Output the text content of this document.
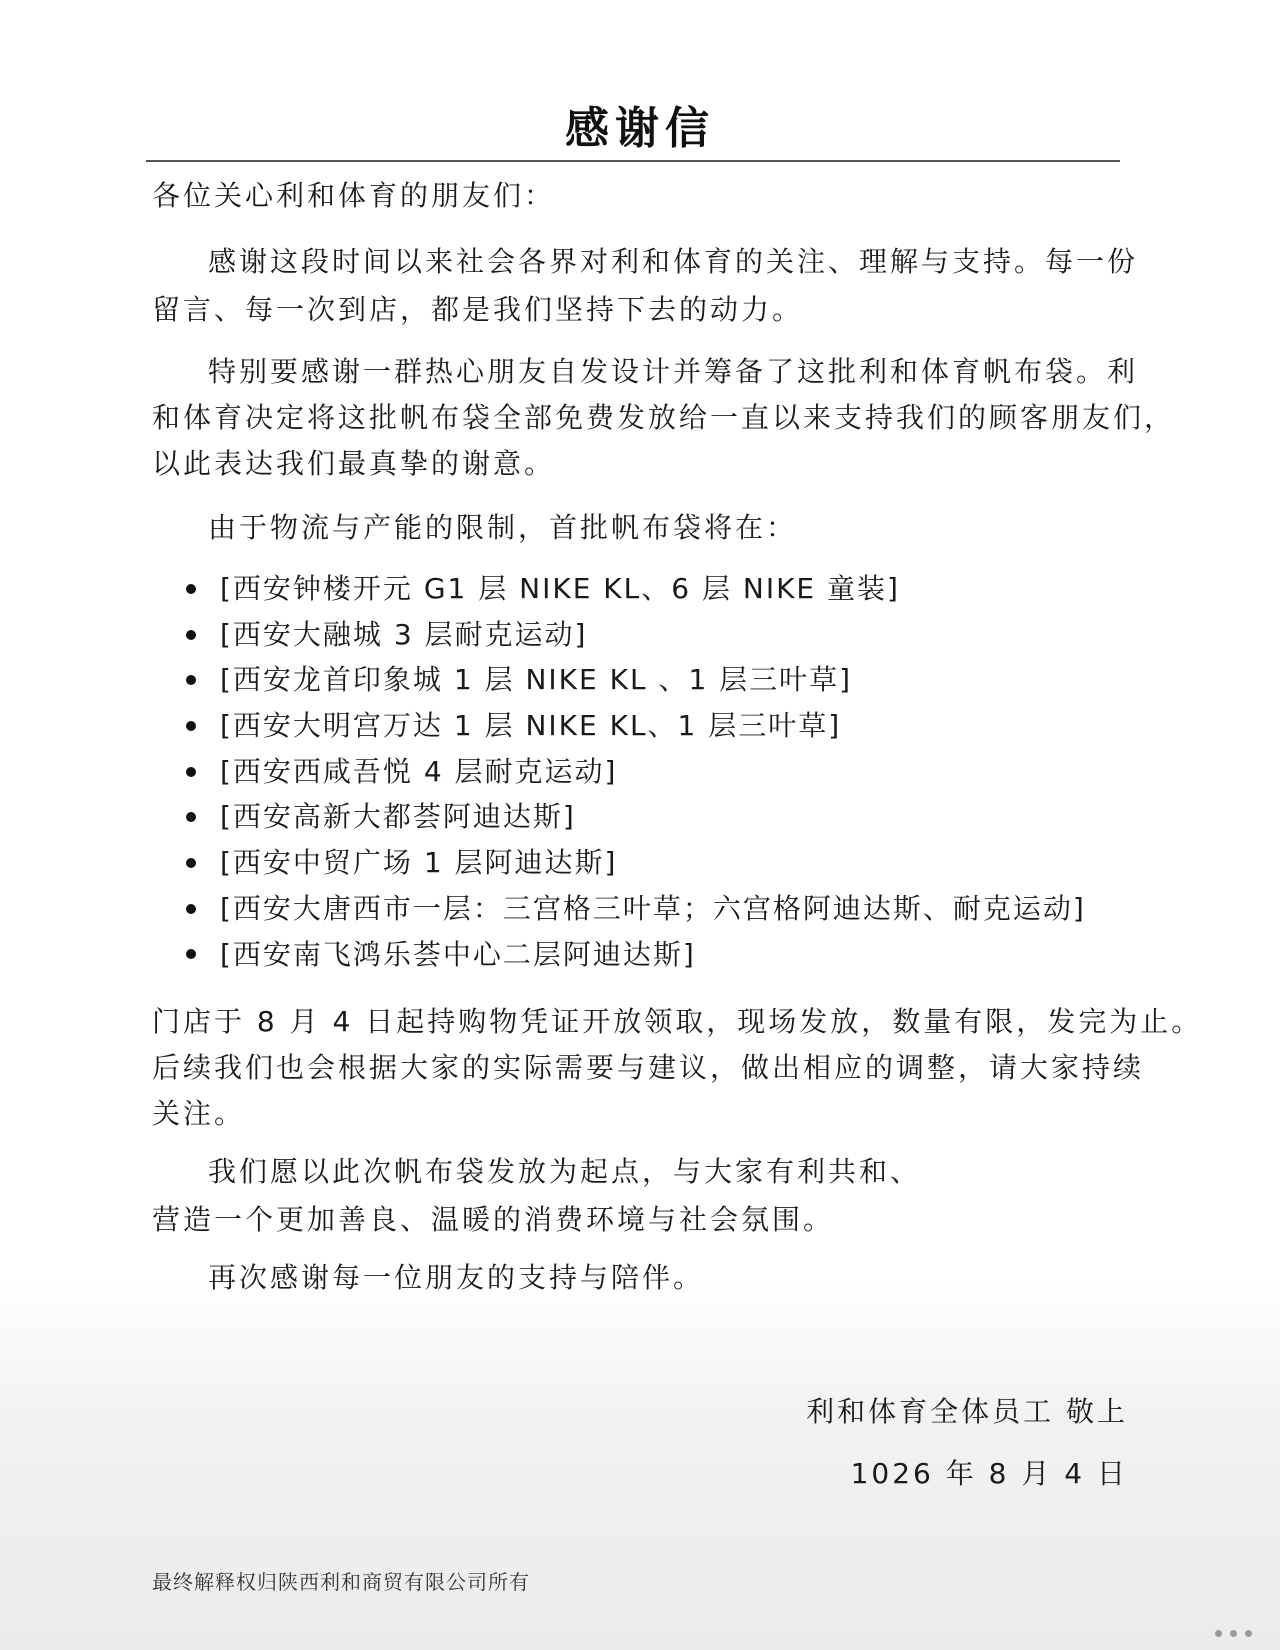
感谢信
各位关心利和体育的朋友们：
感谢这段时间以来社会各界对利和体育的关注、理解与支持。每一份
留言、每一次到店，都是我们坚持下去的动力。
特别要感谢一群热心朋友自发设计并筹备了这批利和体育帆布袋。利
和体育决定将这批帆布袋全部免费发放给一直以来支持我们的顾客朋友们，
以此表达我们最真挚的谢意。
由于物流与产能的限制，首批帆布袋将在：
[西安钟楼开元 G1 层 NIKE KL、6 层 NIKE 童装]
[西安大融城 3 层耐克运动]
[西安龙首印象城 1 层 NIKE KL 、1 层三叶草]
[西安大明宫万达 1 层 NIKE KL、1 层三叶草]
[西安西咸吾悦 4 层耐克运动]
[西安高新大都荟阿迪达斯]
[西安中贸广场 1 层阿迪达斯]
[西安大唐西市一层：三宫格三叶草；六宫格阿迪达斯、耐克运动]
[西安南飞鸿乐荟中心二层阿迪达斯]
门店于 8 月 4 日起持购物凭证开放领取，现场发放，数量有限，发完为止。
后续我们也会根据大家的实际需要与建议，做出相应的调整，请大家持续
关注。
我们愿以此次帆布袋发放为起点，与大家有利共和、
营造一个更加善良、温暖的消费环境与社会氛围。
再次感谢每一位朋友的支持与陪伴。
利和体育全体员工 敬上
1026 年 8 月 4 日
最终解释权归陕西利和商贸有限公司所有
